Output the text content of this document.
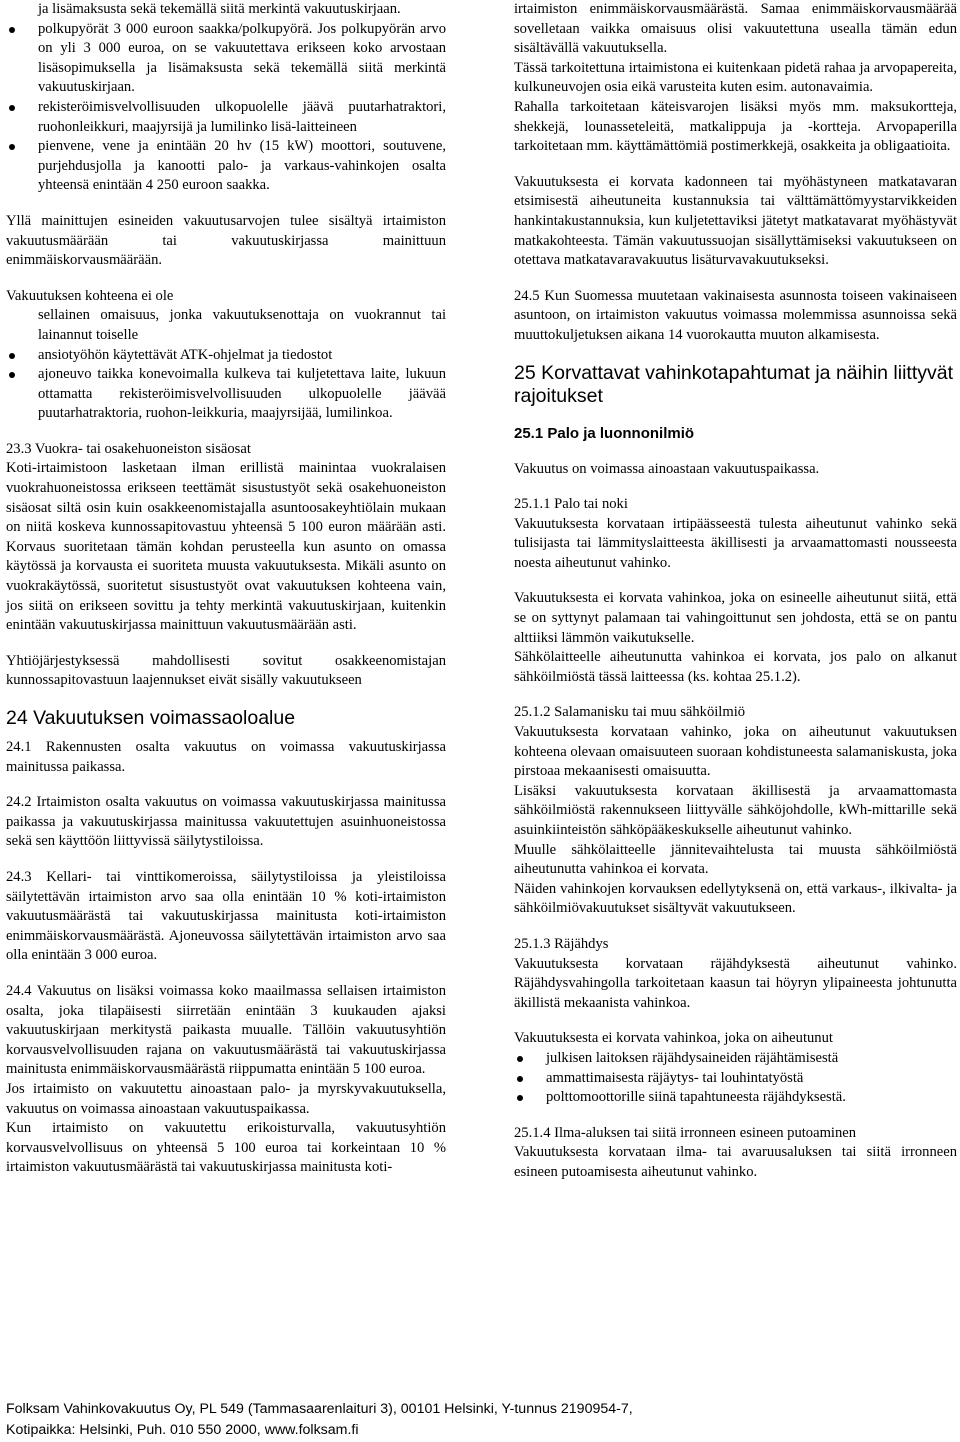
ja lisämaksusta sekä tekemällä siitä merkintä vakuutuskirjaan.
polkupyörät 3 000 euroon saakka/polkupyörä. Jos polkupyörän arvo on yli 3 000 euroa, on se vakuutettava erikseen koko arvostaan lisäsopimuksella ja lisämaksusta sekä tekemällä siitä merkintä vakuutuskirjaan.
rekisteröimisvelvollisuuden ulkopuolelle jäävä puutarhatraktori, ruohonleikkuri, maajyrsijä ja lumilinko lisä-laitteineen
pienvene, vene ja enintään 20 hv (15 kW) moottori, soutuvene, purjehdusjolla ja kanootti palo- ja varkaus-vahinkojen osalta yhteensä enintään 4 250 euroon saakka.

Yllä mainittujen esineiden vakuutusarvojen tulee sisältyä irtaimiston vakuutusmäärään tai vakuutuskirjassa mainittuun enimmäiskorvausmäärään.

Vakuutuksen kohteena ei ole

sellainen omaisuus, jonka vakuutuksenottaja on vuokrannut tai lainannut toiselle
ansiotyöhön käytettävät ATK-ohjelmat ja tiedostot
ajoneuvo taikka konevoimalla kulkeva tai kuljetettava laite, lukuun ottamatta rekisteröimisvelvollisuuden ulkopuolelle jäävää puutarhatraktoria, ruohon-leikkuria, maajyrsijää, lumilinkoa.

23.3 Vuokra- tai osakehuoneiston sisäosat

Koti-irtaimistoon lasketaan ilman erillistä mainintaa vuokralaisen vuokrahuoneistossa erikseen teettämät sisustustyöt sekä osakehuoneiston sisäosat siltä osin kuin osakkeenomistajalla asuntoosakeyhtiölain mukaan on niitä koskeva kunnossapitovastuu yhteensä 5 100 euron määrään asti. Korvaus suoritetaan tämän kohdan perusteella kun asunto on omassa käytössä ja korvausta ei suoriteta muusta vakuutuksesta. Mikäli asunto on vuokrakäytössä, suoritetut sisustustyöt ovat vakuutuksen kohteena vain, jos siitä on erikseen sovittu ja tehty merkintä vakuutuskirjaan, kuitenkin enintään vakuutuskirjassa mainittuun vakuutusmäärään asti.

Yhtiöjärjestyksessä mahdollisesti sovitut osakkeenomistajan kunnossapitovastuun laajennukset eivät sisälly vakuutukseen

24 Vakuutuksen voimassaoloalue

24.1 Rakennusten osalta vakuutus on voimassa vakuutuskirjassa mainitussa paikassa.

24.2 Irtaimiston osalta vakuutus on voimassa vakuutuskirjassa mainitussa paikassa ja vakuutuskirjassa mainitussa vakuutettujen asuinhuoneistossa sekä sen käyttöön liittyvissä säilytystiloissa.

24.3 Kellari- tai vinttikomeroissa, säilytystiloissa ja yleistiloissa säilytettävän irtaimiston arvo saa olla enintään 10 % koti-irtaimiston vakuutusmäärästä tai vakuutuskirjassa mainitusta koti-irtaimiston enimmäiskorvausmäärästä. Ajoneuvossa säilytettävän irtaimiston arvo saa olla enintään 3 000 euroa.

24.4 Vakuutus on lisäksi voimassa koko maailmassa sellaisen irtaimiston osalta, joka tilapäisesti siirretään enintään 3 kuukauden ajaksi vakuutuskirjaan merkitystä paikasta muualle. Tällöin vakuutusyhtiön korvausvelvollisuuden rajana on vakuutusmäärästä tai vakuutuskirjassa mainitusta enimmäiskorvausmäärästä riippumatta enintään 5 100 euroa.

Jos irtaimisto on vakuutettu ainoastaan palo- ja myrskyvakuutuksella, vakuutus on voimassa ainoastaan vakuutuspaikassa.

Kun irtaimisto on vakuutettu erikoisturvalla, vakuutusyhtiön korvausvelvollisuus on yhteensä 5 100 euroa tai korkeintaan 10 % irtaimiston vakuutusmäärästä tai vakuutuskirjassa mainitusta koti-

irtaimiston enimmäiskorvausmäärästä. Samaa enimmäiskorvausmäärää sovelletaan vaikka omaisuus olisi vakuutettuna usealla tämän edun sisältävällä vakuutuksella.

Tässä tarkoitettuna irtaimistona ei kuitenkaan pidetä rahaa ja arvopapereita, kulkuneuvojen osia eikä varusteita kuten esim. autonavaimia.

Rahalla tarkoitetaan käteisvarojen lisäksi myös mm. maksukortteja, shekkejä, lounasseteleitä, matkalippuja ja -kortteja. Arvopaperilla tarkoitetaan mm. käyttämättömiä postimerkkejä, osakkeita ja obligaatioita.

Vakuutuksesta ei korvata kadonneen tai myöhästyneen matkatavaran etsimisestä aiheutuneita kustannuksia tai välttämättömyystarvikkeiden hankintakustannuksia, kun kuljetettaviksi jätetyt matkatavarat myöhästyvät matkakohteesta. Tämän vakuutussuojan sisällyttämiseksi vakuutukseen on otettava matkatavaravakuutus lisäturvavakuutukseksi.

24.5 Kun Suomessa muutetaan vakinaisesta asunnosta toiseen vakinaiseen asuntoon, on irtaimiston vakuutus voimassa molemmissa asunnoissa sekä muuttokuljetuksen aikana 14 vuorokautta muuton alkamisesta.

25 Korvattavat vahinkotapahtumat ja näihin liittyvät rajoitukset
25.1 Palo ja luonnonilmiö

Vakuutus on voimassa ainoastaan vakuutuspaikassa.

25.1.1 Palo tai noki

Vakuutuksesta korvataan irtipäässeestä tulesta aiheutunut vahinko sekä tulisijasta tai lämmityslaitteesta äkillisesti ja arvaamattomasti nousseesta noesta aiheutunut vahinko.

Vakuutuksesta ei korvata vahinkoa, joka on esineelle aiheutunut siitä, että se on syttynyt palamaan tai vahingoittunut sen johdosta, että se on pantu alttiiksi lämmön vaikutukselle.

Sähkölaitteelle aiheutunutta vahinkoa ei korvata, jos palo on alkanut sähköilmiöstä tässä laitteessa (ks. kohtaa 25.1.2).

25.1.2 Salamanisku tai muu sähköilmiö

Vakuutuksesta korvataan vahinko, joka on aiheutunut vakuutuksen kohteena olevaan omaisuuteen suoraan kohdistuneesta salamaniskusta, joka pirstoaa mekaanisesti omaisuutta.

Lisäksi vakuutuksesta korvataan äkillisestä ja arvaamattomasta sähköilmiöstä rakennukseen liittyvälle sähköjohdolle, kWh-mittarille sekä asuinkiinteistön sähköpääkeskukselle aiheutunut vahinko.

Muulle sähkölaitteelle jännitevaihtelusta tai muusta sähköilmiöstä aiheutunutta vahinkoa ei korvata.

Näiden vahinkojen korvauksen edellytyksenä on, että varkaus-, ilkivalta- ja sähköilmiövakuutukset sisältyvät vakuutukseen.

25.1.3 Räjähdys

Vakuutuksesta korvataan räjähdyksestä aiheutunut vahinko. Räjähdysvahingolla tarkoitetaan kaasun tai höyryn ylipaineesta johtunutta äkillistä mekaanista vahinkoa.

Vakuutuksesta ei korvata vahinkoa, joka on aiheutunut

julkisen laitoksen räjähdysaineiden räjähtämisestä
ammattimaisesta räjäytys- tai louhintatyöstä
polttomoottorille siinä tapahtuneesta räjähdyksestä.

25.1.4 Ilma-aluksen tai siitä irronneen esineen putoaminen

Vakuutuksesta korvataan ilma- tai avaruusaluksen tai siitä irronneen esineen putoamisesta aiheutunut vahinko.

Folksam Vahinkovakuutus Oy, PL 549 (Tammasaarenlaituri 3), 00101 Helsinki, Y-tunnus 2190954-7,
Kotipaikka: Helsinki, Puh. 010 550 2000, www.folksam.fi
